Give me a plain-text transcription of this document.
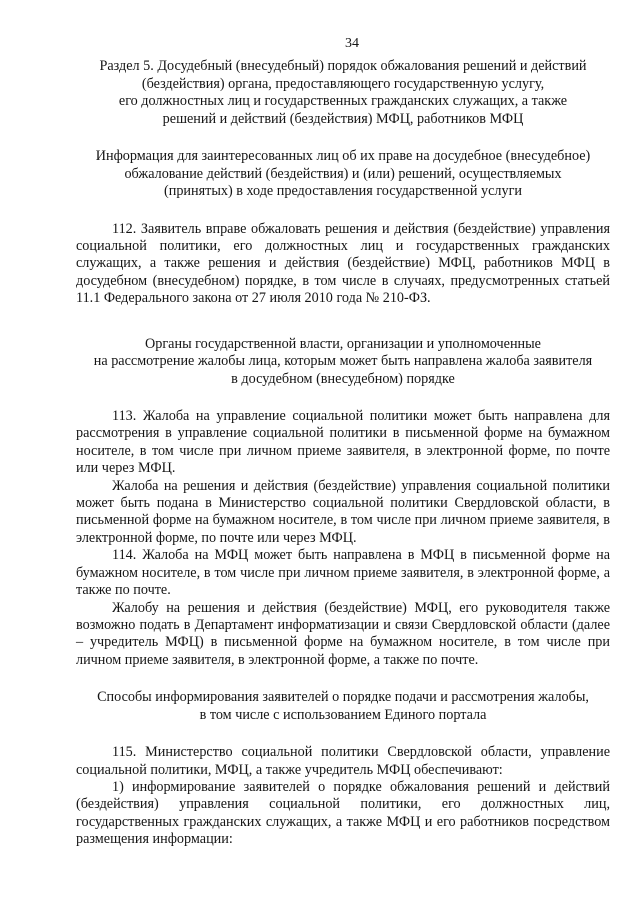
34
Раздел 5. Досудебный (внесудебный) порядок обжалования решений и действий
(бездействия) органа, предоставляющего государственную услугу,
его должностных лиц и государственных гражданских служащих, а также
решений и действий (бездействия) МФЦ, работников МФЦ
Информация для заинтересованных лиц об их праве на досудебное (внесудебное)
обжалование действий (бездействия) и (или) решений, осуществляемых
(принятых) в ходе предоставления государственной услуги

112. Заявитель вправе обжаловать решения и действия (бездействие) управления социальной политики, его должностных лиц и государственных гражданских служащих, а также решения и действия (бездействие) МФЦ, работников МФЦ в досудебном (внесудебном) порядке, в том числе в случаях, предусмотренных статьей 11.1 Федерального закона от 27 июля 2010 года № 210-ФЗ.

Органы государственной власти, организации и уполномоченные
на рассмотрение жалобы лица, которым может быть направлена жалоба заявителя
в досудебном (внесудебном) порядке

113. Жалоба на управление социальной политики может быть направлена для рассмотрения в управление социальной политики в письменной форме на бумажном носителе, в том числе при личном приеме заявителя, в электронной форме, по почте или через МФЦ.

Жалоба на решения и действия (бездействие) управления социальной политики может быть подана в Министерство социальной политики Свердловской области, в письменной форме на бумажном носителе, в том числе при личном приеме заявителя, в электронной форме, по почте или через МФЦ.

114. Жалоба на МФЦ может быть направлена в МФЦ в письменной форме на бумажном носителе, в том числе при личном приеме заявителя, в электронной форме, а также по почте.

Жалобу на решения и действия (бездействие) МФЦ, его руководителя также возможно подать в Департамент информатизации и связи Свердловской области (далее – учредитель МФЦ) в письменной форме на бумажном носителе, в том числе при личном приеме заявителя, в электронной форме, а также по почте.

Способы информирования заявителей о порядке подачи и рассмотрения жалобы,
в том числе с использованием Единого портала

115. Министерство социальной политики Свердловской области, управление социальной политики, МФЦ, а также учредитель МФЦ обеспечивают:

1) информирование заявителей о порядке обжалования решений и действий (бездействия) управления социальной политики, его должностных лиц, государственных гражданских служащих, а также МФЦ и его работников посредством размещения информации:
